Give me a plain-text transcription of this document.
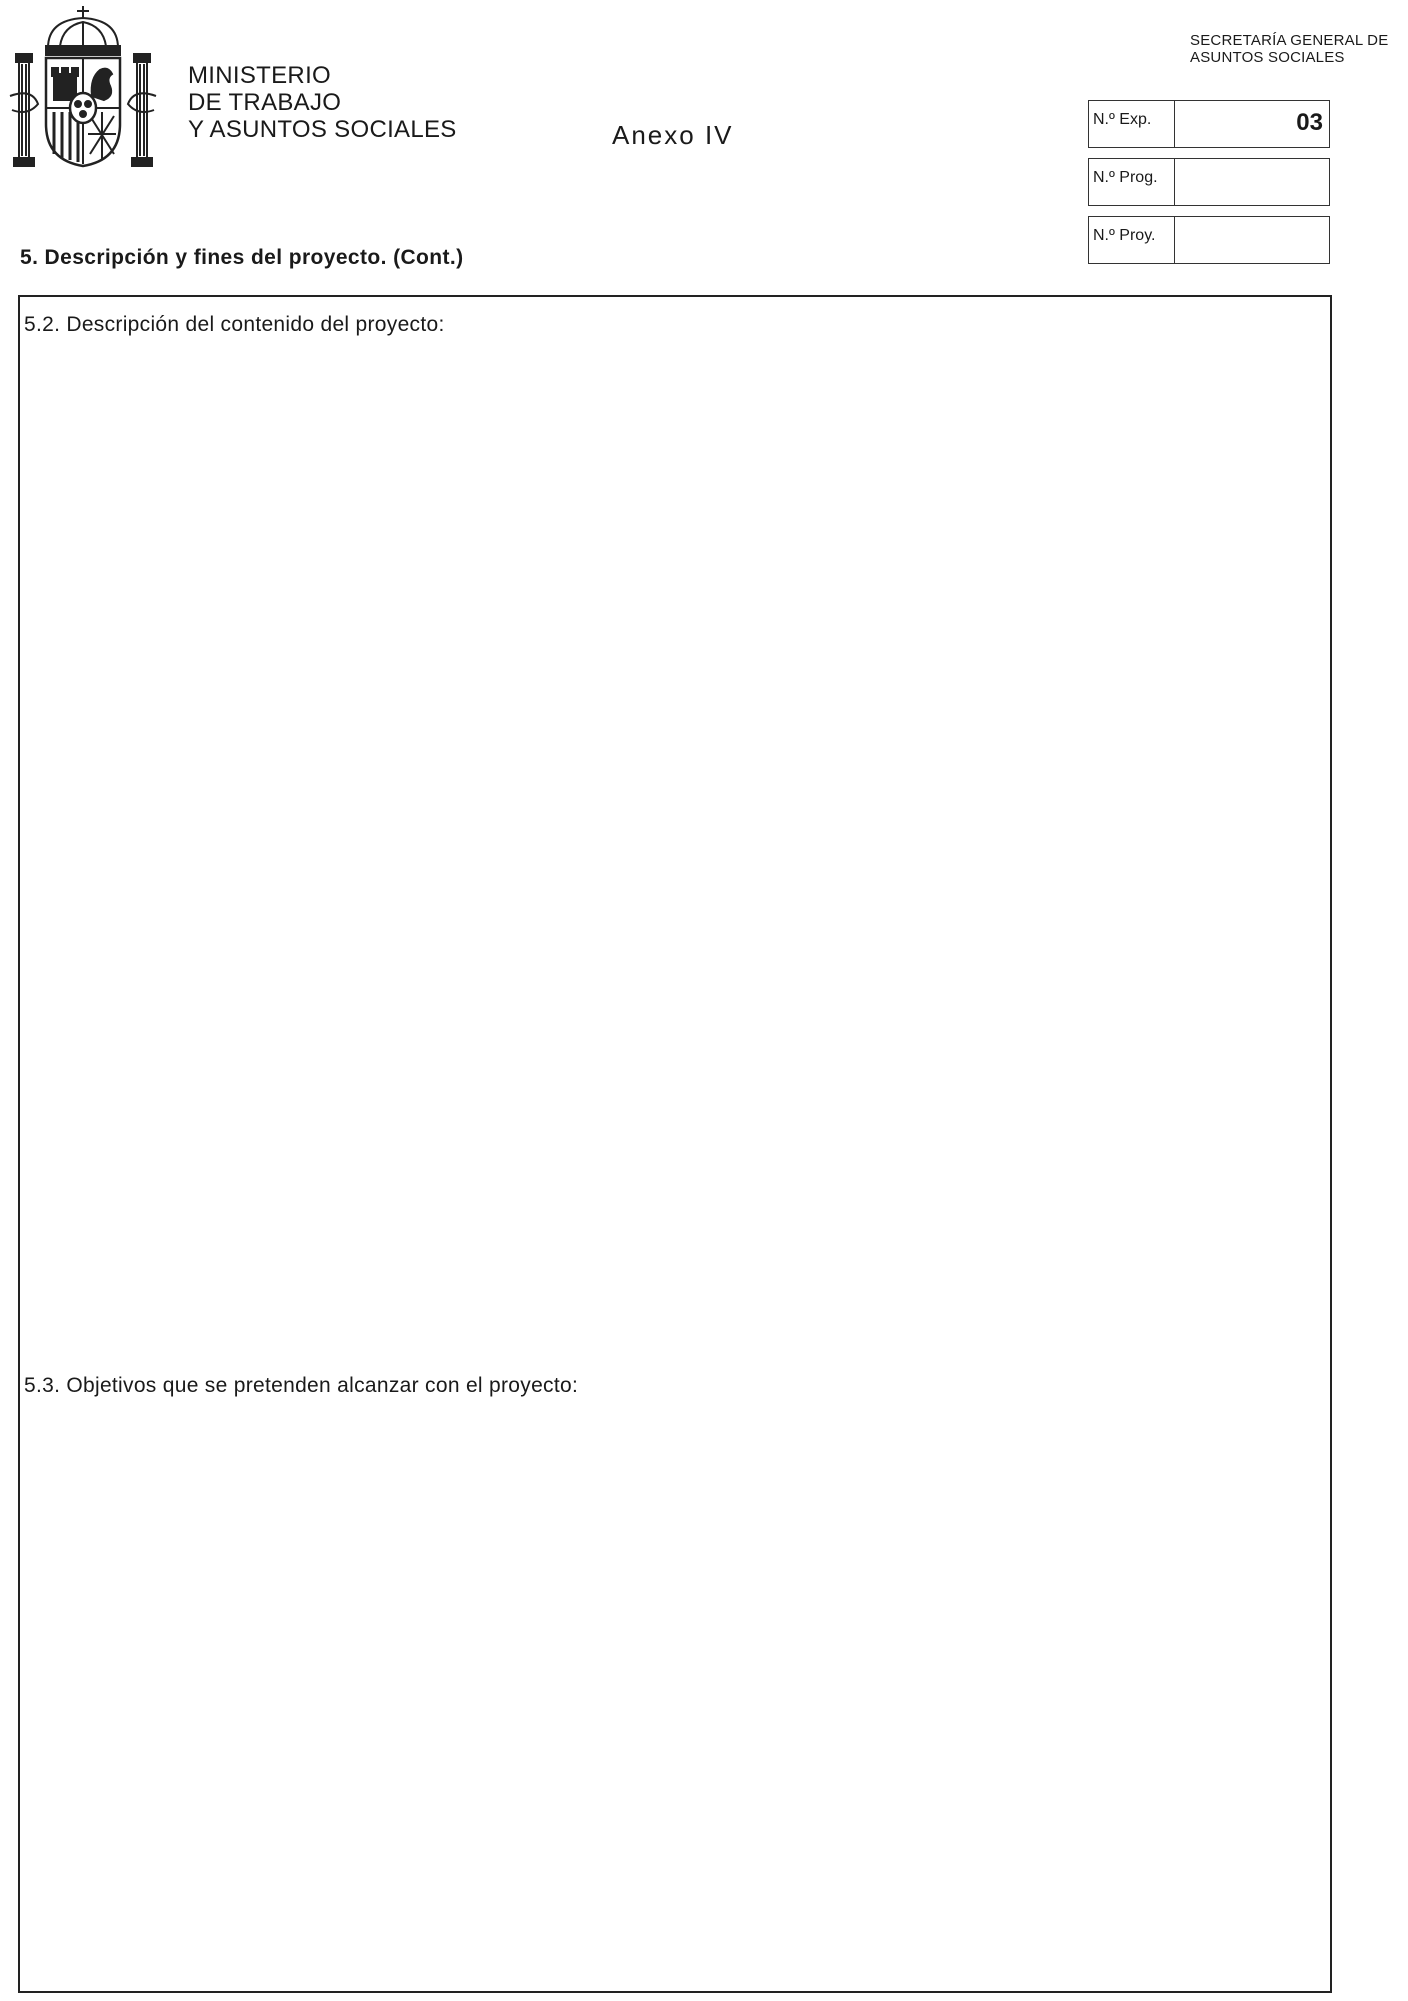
MINISTERIO
DE TRABAJO
Y ASUNTOS SOCIALES	Anexo IV
SECRETARÍA GENERAL DE
ASUNTOS SOCIALES
N.º Exp.	03
N.º Prog.
N.º Proy.
5. Descripción y fines del proyecto. (Cont.)
5.2. Descripción del contenido del proyecto:
5.3. Objetivos que se pretenden alcanzar con el proyecto:
